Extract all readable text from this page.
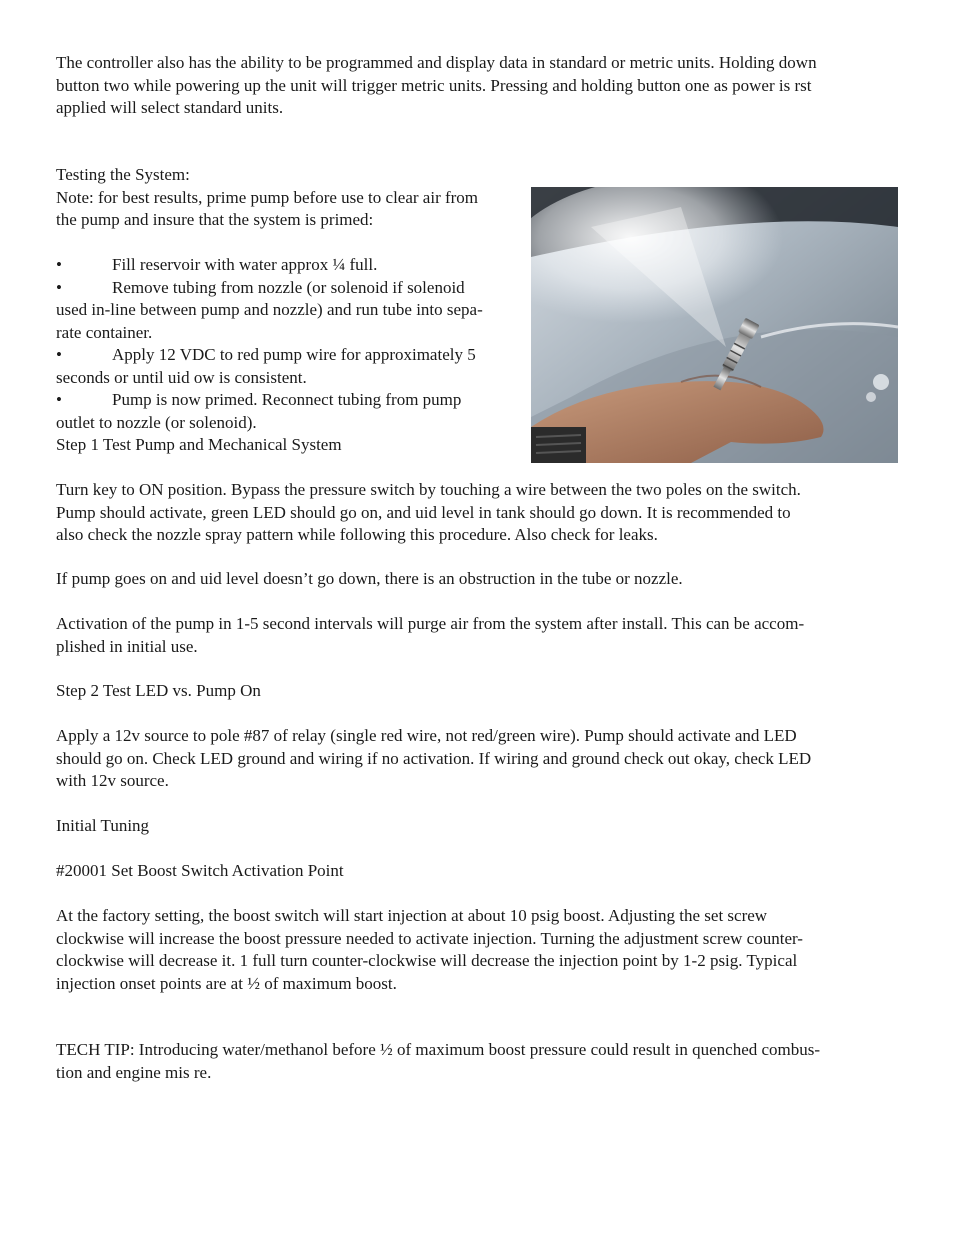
The controller also has the ability to be programmed and display data in standard or metric units. Holding down
button two while powering up the unit will trigger metric units. Pressing and holding button one as power is rst
applied will select standard units.

Testing the System:

Note: for best results, prime pump before use to clear air from

the pump and insure that the system is primed:

•	Fill reservoir with water approx ¼ full.

•	Remove tubing from nozzle (or solenoid if solenoid

used in-line between pump and nozzle) and run tube into sepa-

rate container.

•	Apply 12 VDC to red pump wire for approximately 5

seconds or until uid ow is consistent.

•	Pump is now primed. Reconnect tubing from pump

outlet to nozzle (or solenoid).

Step 1 Test Pump and Mechanical System

Turn key to ON position. Bypass the pressure switch by touching a wire between the two poles on the switch.
Pump should activate, green LED should go on, and uid level in tank should go down. It is recommended to
also check the nozzle spray pattern while following this procedure. Also check for leaks.
If pump goes on and uid level doesn’t go down, there is an obstruction in the tube or nozzle.
Activation of the pump in 1-5 second intervals will purge air from the system after install. This can be accom-
plished in initial use.
Step 2 Test LED vs. Pump On
Apply a 12v source to pole #87 of relay (single red wire, not red/green wire). Pump should activate and LED
should go on. Check LED ground and wiring if no activation. If wiring and ground check out okay, check LED
with 12v source.
Initial Tuning
#20001 Set Boost Switch Activation Point
At the factory setting, the boost switch will start injection at about 10 psig boost. Adjusting the set screw
clockwise will increase the boost pressure needed to activate injection. Turning the adjustment screw counter-
clockwise will decrease it. 1 full turn counter-clockwise will decrease the injection point by 1-2 psig. Typical
injection onset points are at ½ of maximum boost.
TECH TIP: Introducing water/methanol before ½ of maximum boost pressure could result in quenched combus-
tion and engine mis re.
